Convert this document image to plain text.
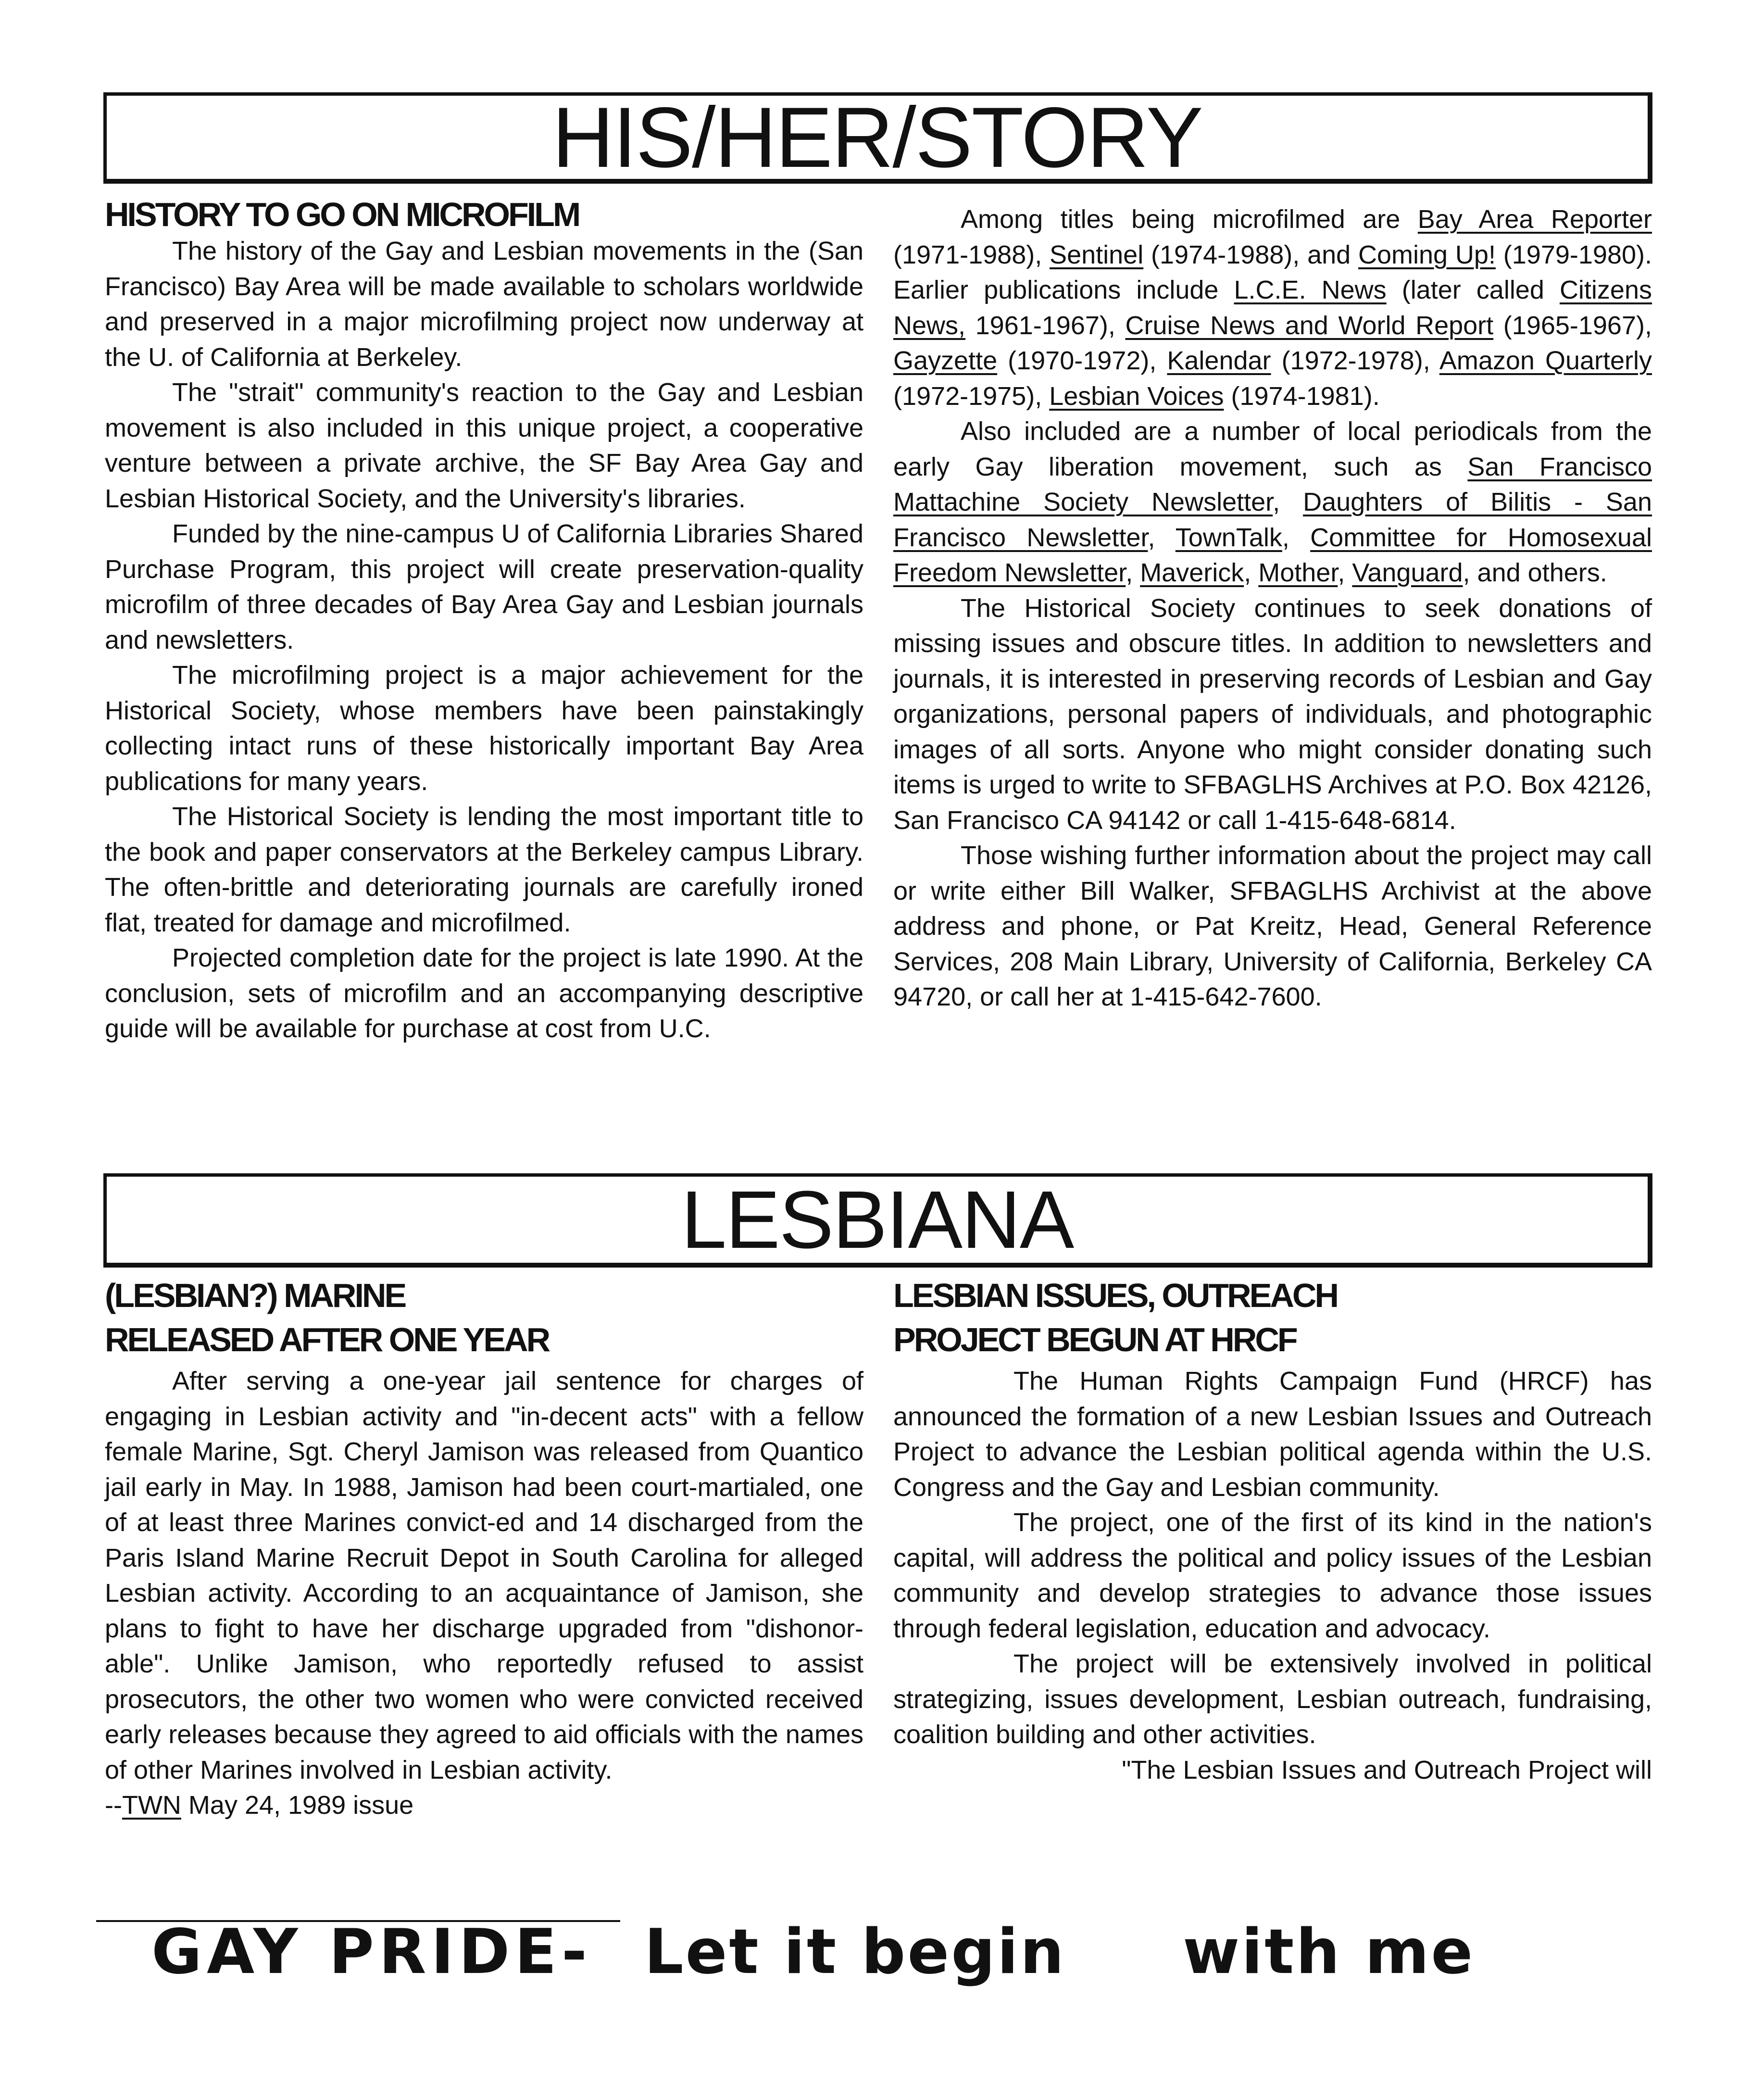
HIS/HER/STORY
HISTORY TO GO ON MICROFILM

The history of the Gay and Lesbian movements in the (San Francisco) Bay Area will be made available to scholars worldwide and preserved in a major microfilming project now underway at the U. of California at Berkeley.

The "strait" community's reaction to the Gay and Lesbian movement is also included in this unique project, a cooperative venture between a private archive, the SF Bay Area Gay and Lesbian Historical Society, and the University's libraries.

Funded by the nine-campus U of California Libraries Shared Purchase Program, this project will create preservation-quality microfilm of three decades of Bay Area Gay and Lesbian journals and newsletters.

The microfilming project is a major achievement for the Historical Society, whose members have been painstakingly collecting intact runs of these historically important Bay Area publications for many years.

The Historical Society is lending the most important title to the book and paper conservators at the Berkeley campus Library. The often-brittle and deteriorating journals are carefully ironed flat, treated for damage and microfilmed.

Projected completion date for the project is late 1990. At the conclusion, sets of microfilm and an accompanying descriptive guide will be available for purchase at cost from U.C.

Among titles being microfilmed are Bay Area Reporter (1971-1988), Sentinel (1974-1988), and Coming Up! (1979-1980). Earlier publications include L.C.E. News (later called Citizens News, 1961-1967), Cruise News and World Report (1965-1967), Gayzette (1970-1972), Kalendar (1972-1978), Amazon Quarterly (1972-1975), Lesbian Voices (1974-1981).

Also included are a number of local periodicals from the early Gay liberation movement, such as San Francisco Mattachine Society Newsletter, Daughters of Bilitis - San Francisco Newsletter, TownTalk, Committee for Homosexual Freedom Newsletter, Maverick, Mother, Vanguard, and others.

The Historical Society continues to seek donations of missing issues and obscure titles. In addition to newsletters and journals, it is interested in preserving records of Lesbian and Gay organizations, personal papers of individuals, and photographic images of all sorts. Anyone who might consider donating such items is urged to write to SFBAGLHS Archives at P.O. Box 42126, San Francisco CA 94142 or call 1-415-648-6814.

Those wishing further information about the project may call or write either Bill Walker, SFBAGLHS Archivist at the above address and phone, or Pat Kreitz, Head, General Reference Services, 208 Main Library, University of California, Berkeley CA 94720, or call her at 1-415-642-7600.

LESBIANA
(LESBIAN?) MARINE
RELEASED AFTER ONE YEAR

After serving a one-year jail sentence for charges of engaging in Lesbian activity and "in-decent acts" with a fellow female Marine, Sgt. Cheryl Jamison was released from Quantico jail early in May. In 1988, Jamison had been court-martialed, one of at least three Marines convict-ed and 14 discharged from the Paris Island Marine Recruit Depot in South Carolina for alleged Lesbian activity. According to an acquaintance of Jamison, she plans to fight to have her discharge upgraded from "dishonor-able". Unlike Jamison, who reportedly refused to assist prosecutors, the other two women who were convicted received early releases because they agreed to aid officials with the names of other Marines involved in Lesbian activity.

--TWN May 24, 1989 issue

LESBIAN ISSUES, OUTREACH
PROJECT BEGUN AT HRCF

The Human Rights Campaign Fund (HRCF) has announced the formation of a new Lesbian Issues and Outreach Project to advance the Lesbian political agenda within the U.S. Congress and the Gay and Lesbian community.

The project, one of the first of its kind in the nation's capital, will address the political and policy issues of the Lesbian community and develop strategies to advance those issues through federal legislation, education and advocacy.

The project will be extensively involved in political strategizing, issues development, Lesbian outreach, fundraising, coalition building and other activities.

"The Lesbian Issues and Outreach Project will

GAY PRIDE- Let it begin with me
